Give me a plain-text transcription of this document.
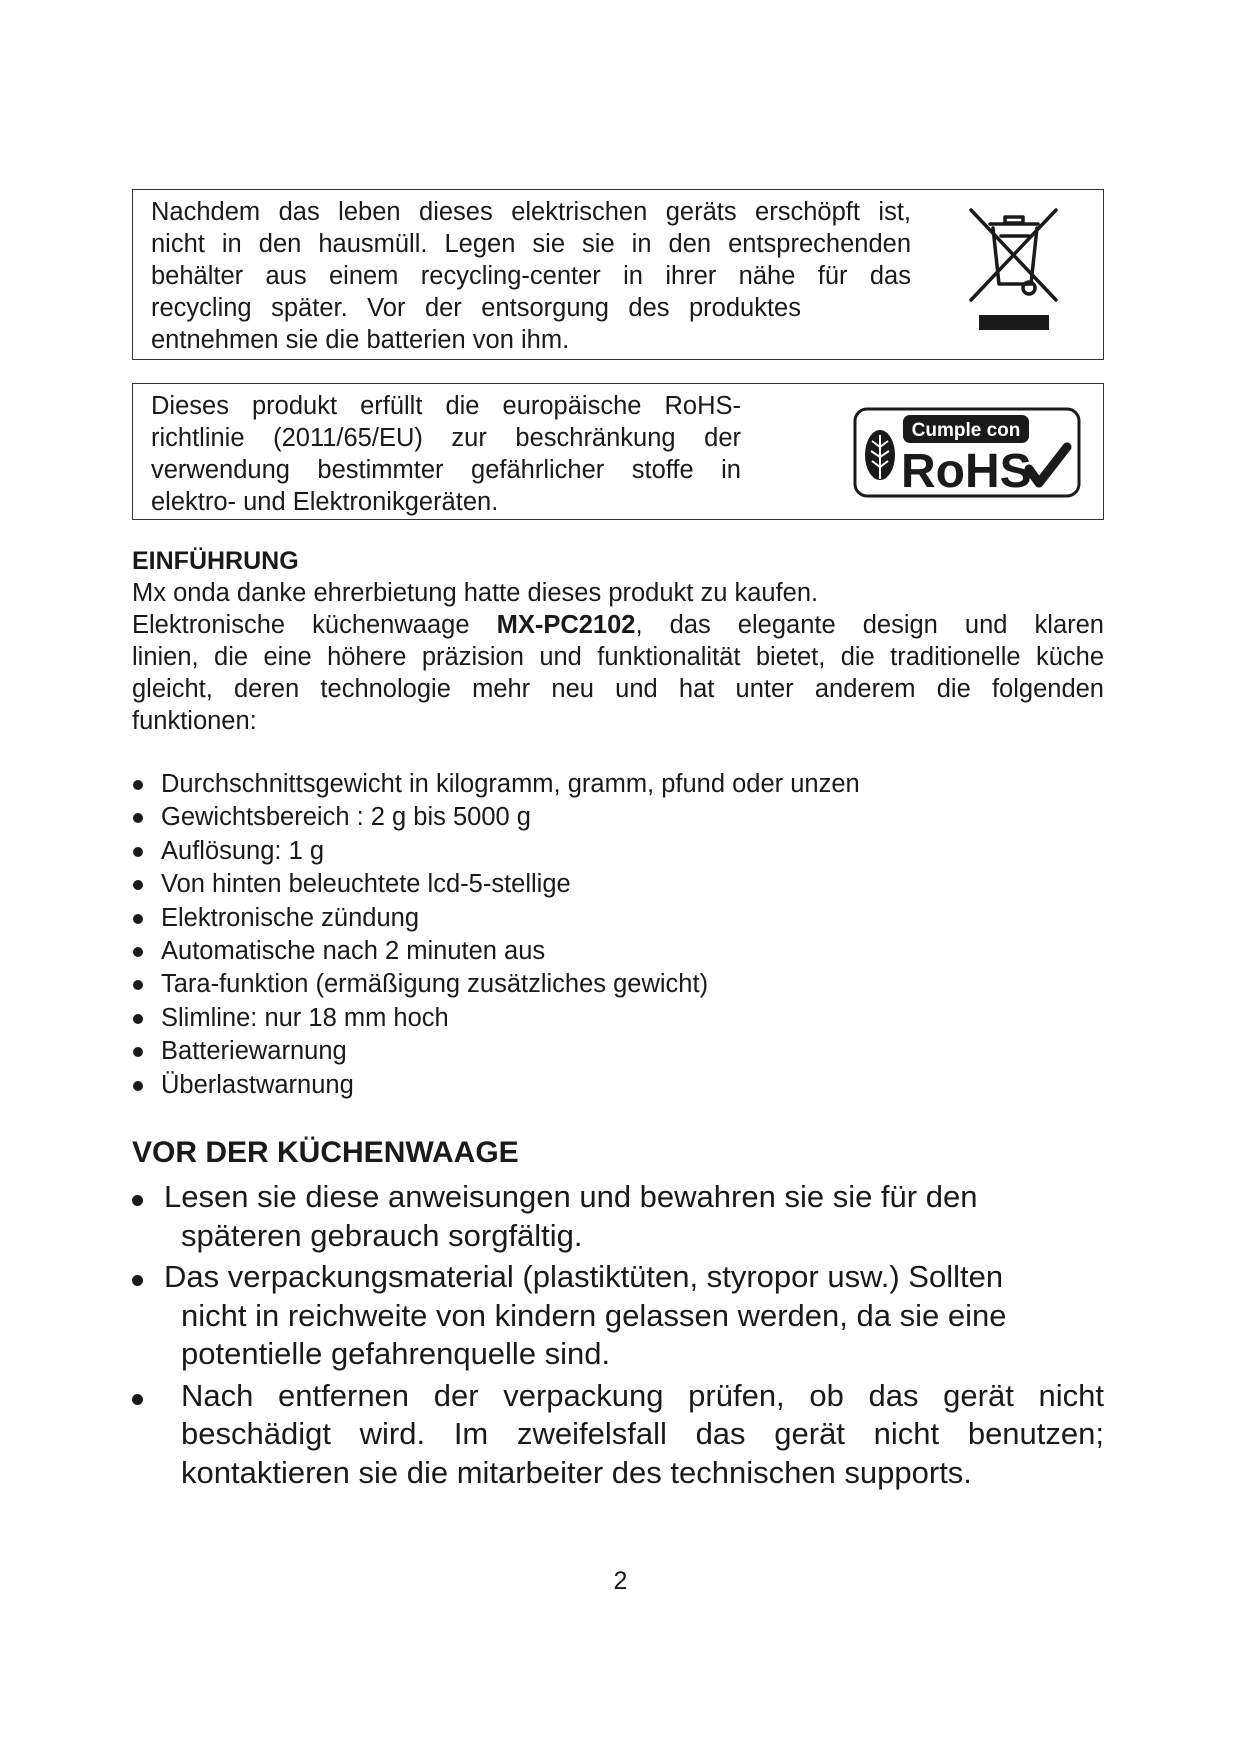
Nachdem das leben dieses elektrischen geräts erschöpft ist,
nicht in den hausmüll. Legen sie sie in den entsprechenden
behälter aus einem recycling-center in ihrer nähe für das
recycling später. Vor der entsorgung des produktes
entnehmen sie die batterien von ihm.
Dieses produkt erfüllt die europäische RoHS-
richtlinie (2011/65/EU) zur beschränkung der
verwendung bestimmter gefährlicher stoffe in
elektro- und Elektronikgeräten.
Cumple con
RoHS
EINFÜHRUNG
Mx onda danke ehrerbietung hatte dieses produkt zu kaufen.
Elektronische küchenwaage MX-PC2102, das elegante design und klaren
linien, die eine höhere präzision und funktionalität bietet, die traditionelle küche
gleicht, deren technologie mehr neu und hat unter anderem die folgenden
funktionen:
Durchschnittsgewicht in kilogramm, gramm, pfund oder unzen
Gewichtsbereich : 2 g bis 5000 g
Auflösung: 1 g
Von hinten beleuchtete lcd-5-stellige
Elektronische zündung
Automatische nach 2 minuten aus
Tara-funktion (ermäßigung zusätzliches gewicht)
Slimline: nur 18 mm hoch
Batteriewarnung
Überlastwarnung
VOR DER KÜCHENWAAGE
Lesen sie diese anweisungen und bewahren sie sie für den
späteren gebrauch sorgfältig.
Das verpackungsmaterial (plastiktüten, styropor usw.) Sollten
nicht in reichweite von kindern gelassen werden, da sie eine
potentielle gefahrenquelle sind.
Nach entfernen der verpackung prüfen, ob das gerät nicht
beschädigt wird. Im zweifelsfall das gerät nicht benutzen;
kontaktieren sie die mitarbeiter des technischen supports.
2
